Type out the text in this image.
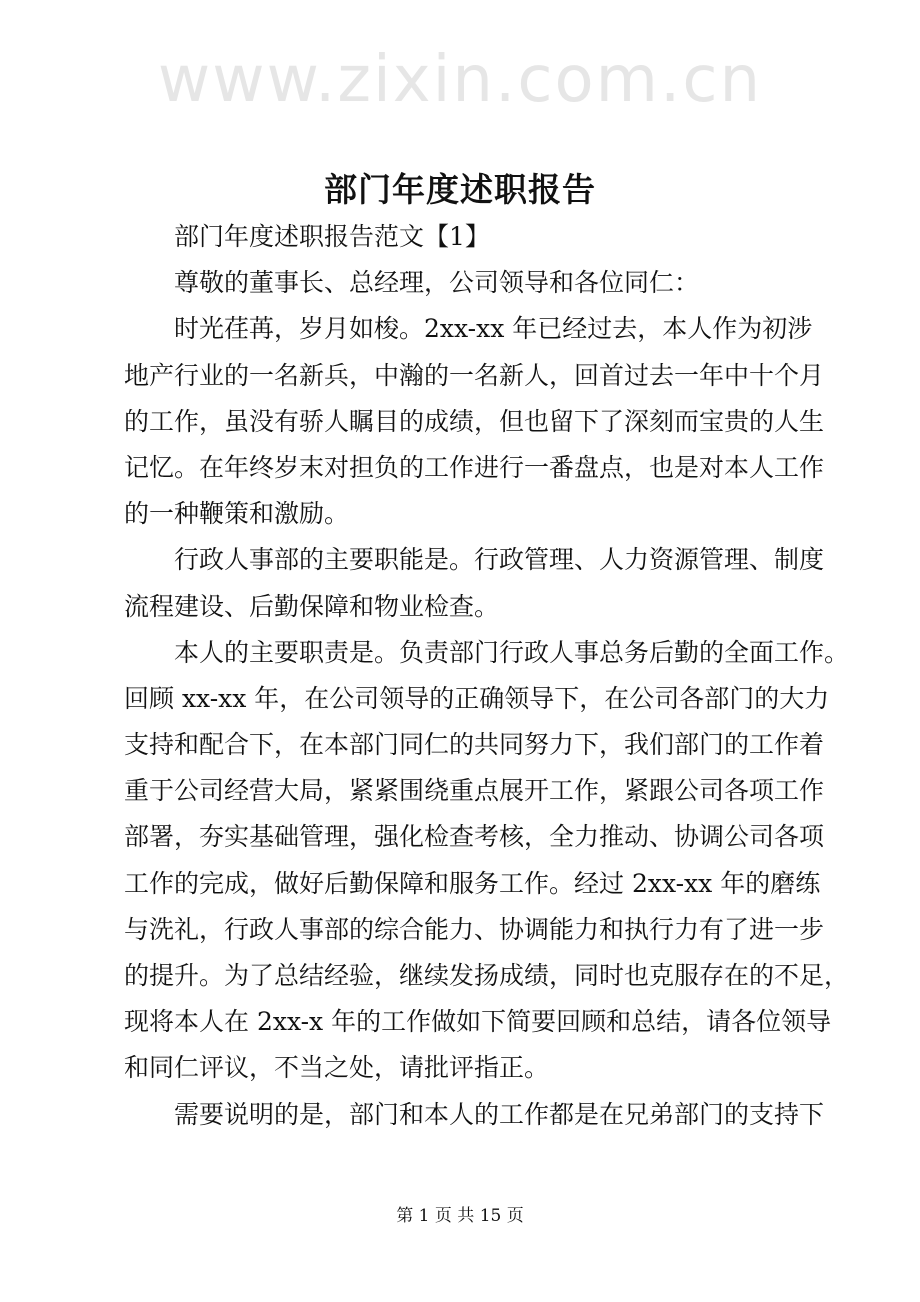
www.zixin.com.cn
部门年度述职报告
部门年度述职报告范文【1】
尊敬的董事长、总经理，公司领导和各位同仁：
时光荏苒，岁月如梭。2xx-xx 年已经过去，本人作为初涉
地产行业的一名新兵，中瀚的一名新人，回首过去一年中十个月
的工作，虽没有骄人瞩目的成绩，但也留下了深刻而宝贵的人生
记忆。在年终岁末对担负的工作进行一番盘点，也是对本人工作
的一种鞭策和激励。
行政人事部的主要职能是。行政管理、人力资源管理、制度
流程建设、后勤保障和物业检查。
本人的主要职责是。负责部门行政人事总务后勤的全面工作。
回顾 xx-xx 年，在公司领导的正确领导下，在公司各部门的大力
支持和配合下，在本部门同仁的共同努力下，我们部门的工作着
重于公司经营大局，紧紧围绕重点展开工作，紧跟公司各项工作
部署，夯实基础管理，强化检查考核，全力推动、协调公司各项
工作的完成，做好后勤保障和服务工作。经过 2xx-xx 年的磨练
与洗礼，行政人事部的综合能力、协调能力和执行力有了进一步
的提升。为了总结经验，继续发扬成绩，同时也克服存在的不足，
现将本人在 2xx-x 年的工作做如下简要回顾和总结，请各位领导
和同仁评议，不当之处，请批评指正。
需要说明的是，部门和本人的工作都是在兄弟部门的支持下
第 1 页 共 15 页
